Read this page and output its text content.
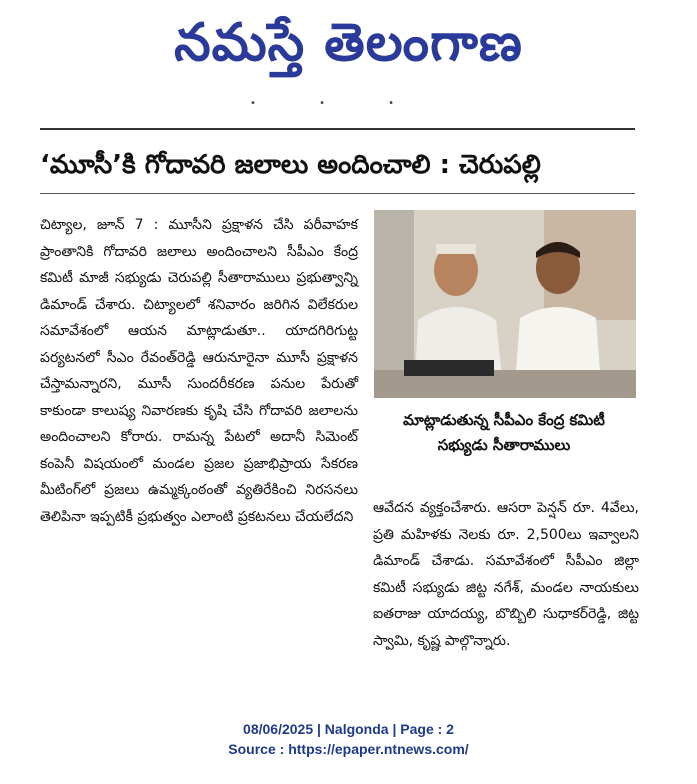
నమస్తే తెలంగాణ
• • •
‘మూసీ’కి గోదావరి జలాలు అందించాలి : చెరుపల్లి

చిట్యాల, జూన్ 7 : మూసీని ప్రక్షాళన చేసి పరీవాహక ప్రాంతానికి గోదావరి జలాలు అందించాలని సీపీఎం కేంద్ర కమిటీ మాజీ సభ్యుడు చెరుపల్లి సీతారాములు ప్రభుత్వాన్ని డిమాండ్ చేశారు. చిట్యాలలో శనివారం జరిగిన విలేకరుల సమావేశంలో ఆయన మాట్లాడుతూ.. యాదగిరిగుట్ట పర్యటనలో సీఎం రేవంత్‌రెడ్డి ఆరునూరైనా మూసీ ప్రక్షాళన చేస్తామన్నారని, మూసీ సుందరీకరణ పనుల పేరుతో కాకుండా కాలుష్య నివారణకు కృషి చేసి గోదావరి జలాలను అందించాలని కోరారు. రామన్న పేటలో అదానీ సిమెంట్ కంపెనీ విషయంలో మండల ప్రజల ప్రజాభిప్రాయ సేకరణ మీటింగ్‌లో ప్రజలు ఉమ్మక్కంఠంతో వ్యతిరేకించి నిరసనలు తెలిపినా ఇప్పటికీ ప్రభుత్వం ఎలాంటి ప్రకటనలు చేయలేదని

మాట్లాడుతున్న సీపీఎం కేంద్ర కమిటీ సభ్యుడు సీతారాములు

ఆవేదన వ్యక్తంచేశారు. ఆసరా పెన్షన్ రూ. 4వేలు, ప్రతి మహిళకు నెలకు రూ. 2,500లు ఇవ్వాలని డిమాండ్ చేశాడు. సమావేశంలో సీపీఎం జిల్లా కమిటీ సభ్యుడు జిట్ట నగేశ్, మండల నాయకులు ఐతరాజు యాదయ్య, బొబ్బిలి సుధాకర్‌రెడ్డి, జిట్ట స్వామి, కృష్ణ పాల్గొన్నారు.

08/06/2025 | Nalgonda | Page : 2
Source : https://epaper.ntnews.com/
